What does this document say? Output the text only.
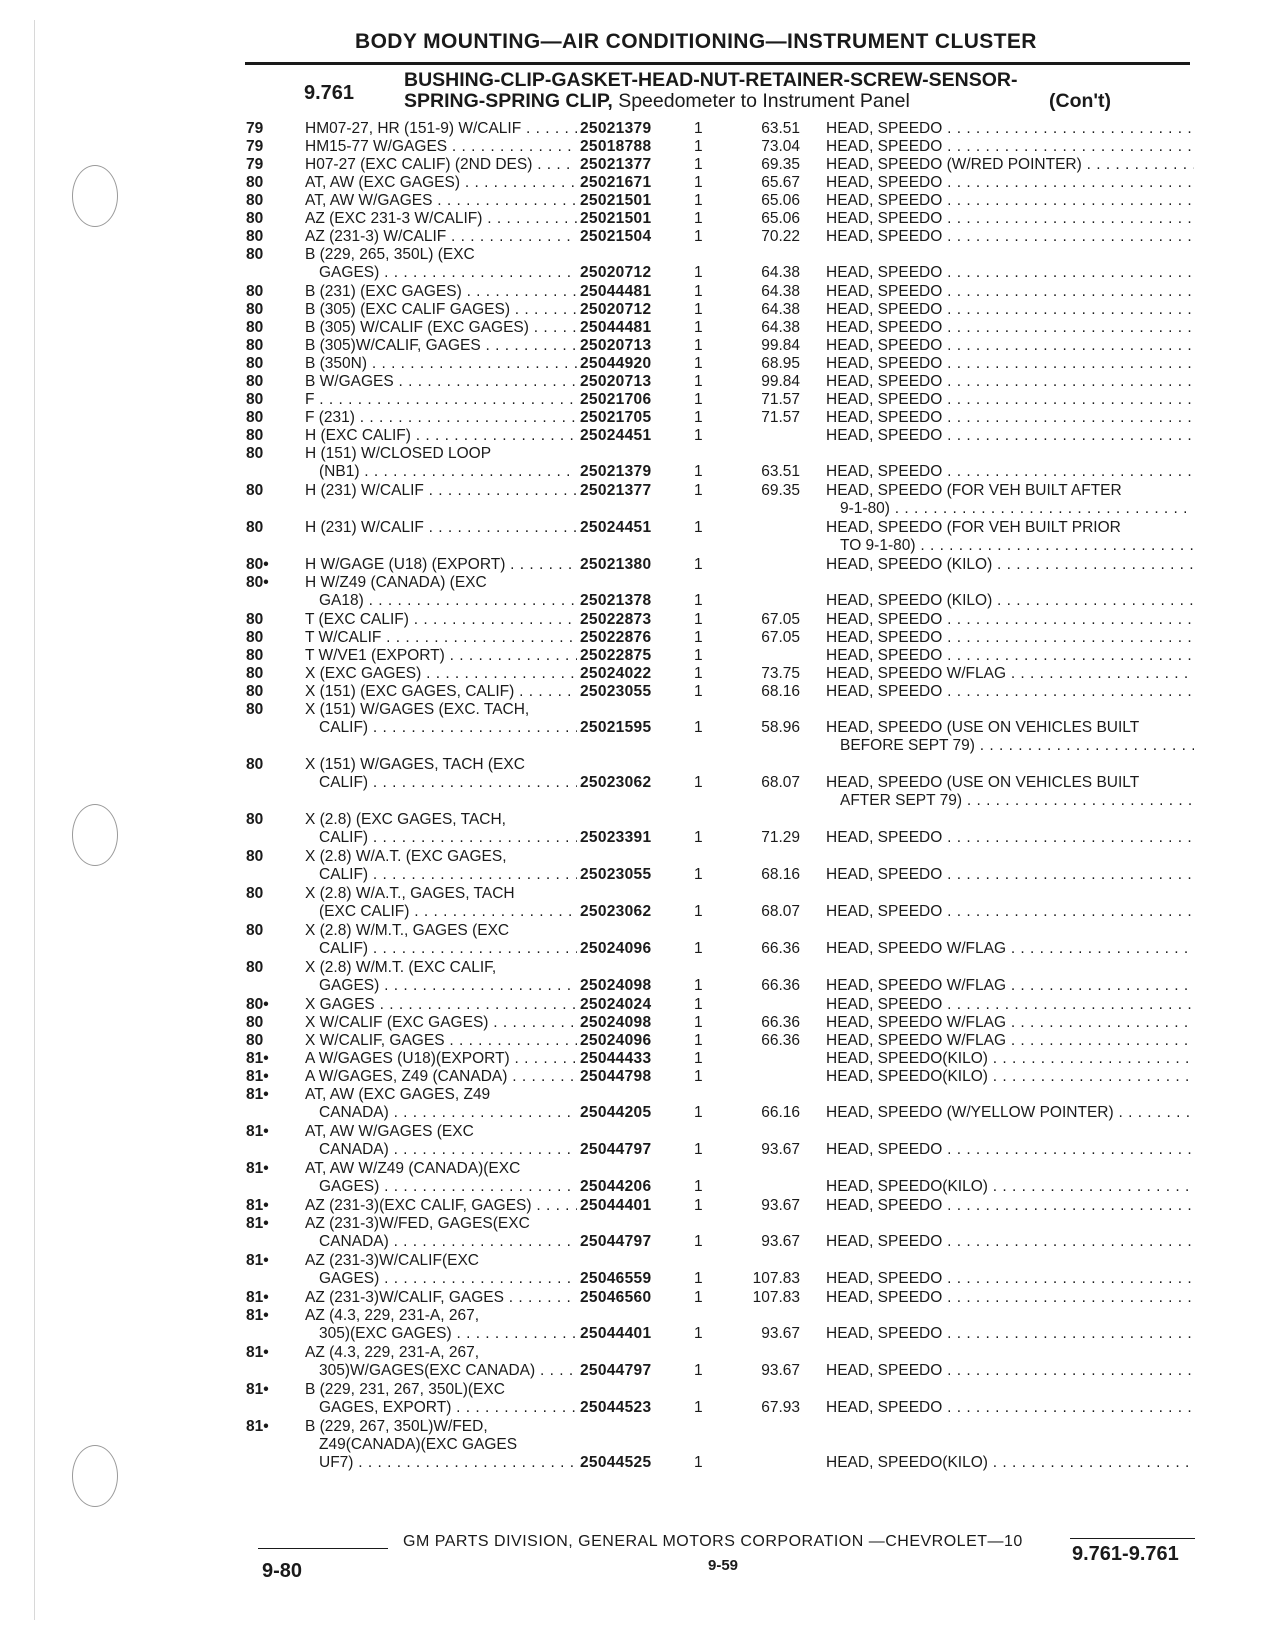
BODY MOUNTING—AIR CONDITIONING—INSTRUMENT CLUSTER
9.761
BUSHING-CLIP-GASKET-HEAD-NUT-RETAINER-SCREW-SENSOR-
SPRING-SPRING CLIP, Speedometer to Instrument Panel	(Con't)
79	HM07-27, HR (151-9) W/CALIF . . .	25021379	1	63.51 HEAD, SPEEDO . . .
79	HM15-77 W/GAGES . . .	25018788	1	73.04 HEAD, SPEEDO . . .
79	H07-27 (EXC CALIF) (2ND DES) . . .	25021377	1	69.35 HEAD, SPEEDO (W/RED POINTER) . . .
80	AT, AW (EXC GAGES) . . .	25021671	1	65.67 HEAD, SPEEDO . . .
80	AT, AW W/GAGES . . .	25021501	1	65.06 HEAD, SPEEDO . . .
80	AZ (EXC 231-3 W/CALIF) . . .	25021501	1	65.06 HEAD, SPEEDO . . .
80	AZ (231-3) W/CALIF . . .	25021504	1	70.22 HEAD, SPEEDO . . .
80	B (229, 265, 350L) (EXC
GAGES) . . .	25020712	1	64.38 HEAD, SPEEDO . . .
80	B (231) (EXC GAGES) . . .	25044481	1	64.38 HEAD, SPEEDO . . .
80	B (305) (EXC CALIF GAGES) . . .	25020712	1	64.38 HEAD, SPEEDO . . .
80	B (305) W/CALIF (EXC GAGES) . . .	25044481	1	64.38 HEAD, SPEEDO . . .
80	B (305)W/CALIF, GAGES . . .	25020713	1	99.84 HEAD, SPEEDO . . .
80	B (350N) . . .	25044920	1	68.95 HEAD, SPEEDO . . .
80	B W/GAGES . . .	25020713	1	99.84 HEAD, SPEEDO . . .
80	F . . .	25021706	1	71.57 HEAD, SPEEDO . . .
80	F (231) . . .	25021705	1	71.57 HEAD, SPEEDO . . .
80	H (EXC CALIF) . . .	25024451	1	HEAD, SPEEDO . . .
80	H (151) W/CLOSED LOOP
(NB1) . . .	25021379	1	63.51 HEAD, SPEEDO . . .
80	H (231) W/CALIF . . .	25021377	1	69.35 HEAD, SPEEDO (FOR VEH BUILT AFTER
9-1-80) . . .
80	H (231) W/CALIF . . .	25024451	1	HEAD, SPEEDO (FOR VEH BUILT PRIOR
TO 9-1-80) . . .
80• H W/GAGE (U18) (EXPORT) . . .	25021380	1	HEAD, SPEEDO (KILO) . . .
80• H W/Z49 (CANADA) (EXC
GA18) . . .	25021378	1	HEAD, SPEEDO (KILO) . . .
80	T (EXC CALIF) . . .	25022873	1	67.05 HEAD, SPEEDO . . .
80	T W/CALIF . . .	25022876	1	67.05 HEAD, SPEEDO . . .
80	T W/VE1 (EXPORT) . . .	25022875	1	HEAD, SPEEDO . . .
80	X (EXC GAGES) . . .	25024022	1	73.75 HEAD, SPEEDO W/FLAG . . .
80	X (151) (EXC GAGES, CALIF) . . .	25023055	1	68.16 HEAD, SPEEDO . . .
80	X (151) W/GAGES (EXC. TACH,
CALIF) . . .	25021595	1	58.96 HEAD, SPEEDO (USE ON VEHICLES BUILT
BEFORE SEPT 79) . . .
80	X (151) W/GAGES, TACH (EXC
CALIF) . . .	25023062	1	68.07 HEAD, SPEEDO (USE ON VEHICLES BUILT
AFTER SEPT 79) . . .
80	X (2.8) (EXC GAGES, TACH,
CALIF) . . .	25023391	1	71.29 HEAD, SPEEDO . . .
80	X (2.8) W/A.T. (EXC GAGES,
CALIF) . . .	25023055	1	68.16 HEAD, SPEEDO . . .
80	X (2.8) W/A.T., GAGES, TACH
(EXC CALIF) . . .	25023062	1	68.07 HEAD, SPEEDO . . .
80	X (2.8) W/M.T., GAGES (EXC
CALIF) . . .	25024096	1	66.36 HEAD, SPEEDO W/FLAG . . .
80	X (2.8) W/M.T. (EXC CALIF,
GAGES) . . .	25024098	1	66.36 HEAD, SPEEDO W/FLAG . . .
80• X GAGES . . .	25024024	1	HEAD, SPEEDO . . .
80	X W/CALIF (EXC GAGES) . . .	25024098	1	66.36 HEAD, SPEEDO W/FLAG . . .
80	X W/CALIF, GAGES . . .	25024096	1	66.36 HEAD, SPEEDO W/FLAG . . .
81• A W/GAGES (U18)(EXPORT) . . .	25044433	1	HEAD, SPEEDO(KILO) . . .
81• A W/GAGES, Z49 (CANADA) . . .	25044798	1	HEAD, SPEEDO(KILO) . . .
81• AT, AW (EXC GAGES, Z49
CANADA) . . .	25044205	1	66.16 HEAD, SPEEDO (W/YELLOW POINTER) . . .
81• AT, AW W/GAGES (EXC
CANADA) . . .	25044797	1	93.67 HEAD, SPEEDO . . .
81• AT, AW W/Z49 (CANADA)(EXC
GAGES) . . .	25044206	1	HEAD, SPEEDO(KILO) . . .
81• AZ (231-3)(EXC CALIF, GAGES) . . .	25044401	1	93.67 HEAD, SPEEDO . . .
81• AZ (231-3)W/FED, GAGES(EXC
CANADA) . . .	25044797	1	93.67 HEAD, SPEEDO . . .
81• AZ (231-3)W/CALIF(EXC
GAGES) . . .	25046559	1	107.83 HEAD, SPEEDO . . .
81• AZ (231-3)W/CALIF, GAGES . . .	25046560	1	107.83 HEAD, SPEEDO . . .
81• AZ (4.3, 229, 231-A, 267,
305)(EXC GAGES) . . .	25044401	1	93.67 HEAD, SPEEDO . . .
81• AZ (4.3, 229, 231-A, 267,
305)W/GAGES(EXC CANADA) . . .	25044797	1	93.67 HEAD, SPEEDO . . .
81• B (229, 231, 267, 350L)(EXC
GAGES, EXPORT) . . .	25044523	1	67.93 HEAD, SPEEDO . . .
81• B (229, 267, 350L)W/FED,
Z49(CANADA)(EXC GAGES
UF7) . . .	25044525	1	HEAD, SPEEDO(KILO) . . .
GM PARTS DIVISION, GENERAL MOTORS CORPORATION —CHEVROLET—10
9-80	9-59
9.761-9.761
